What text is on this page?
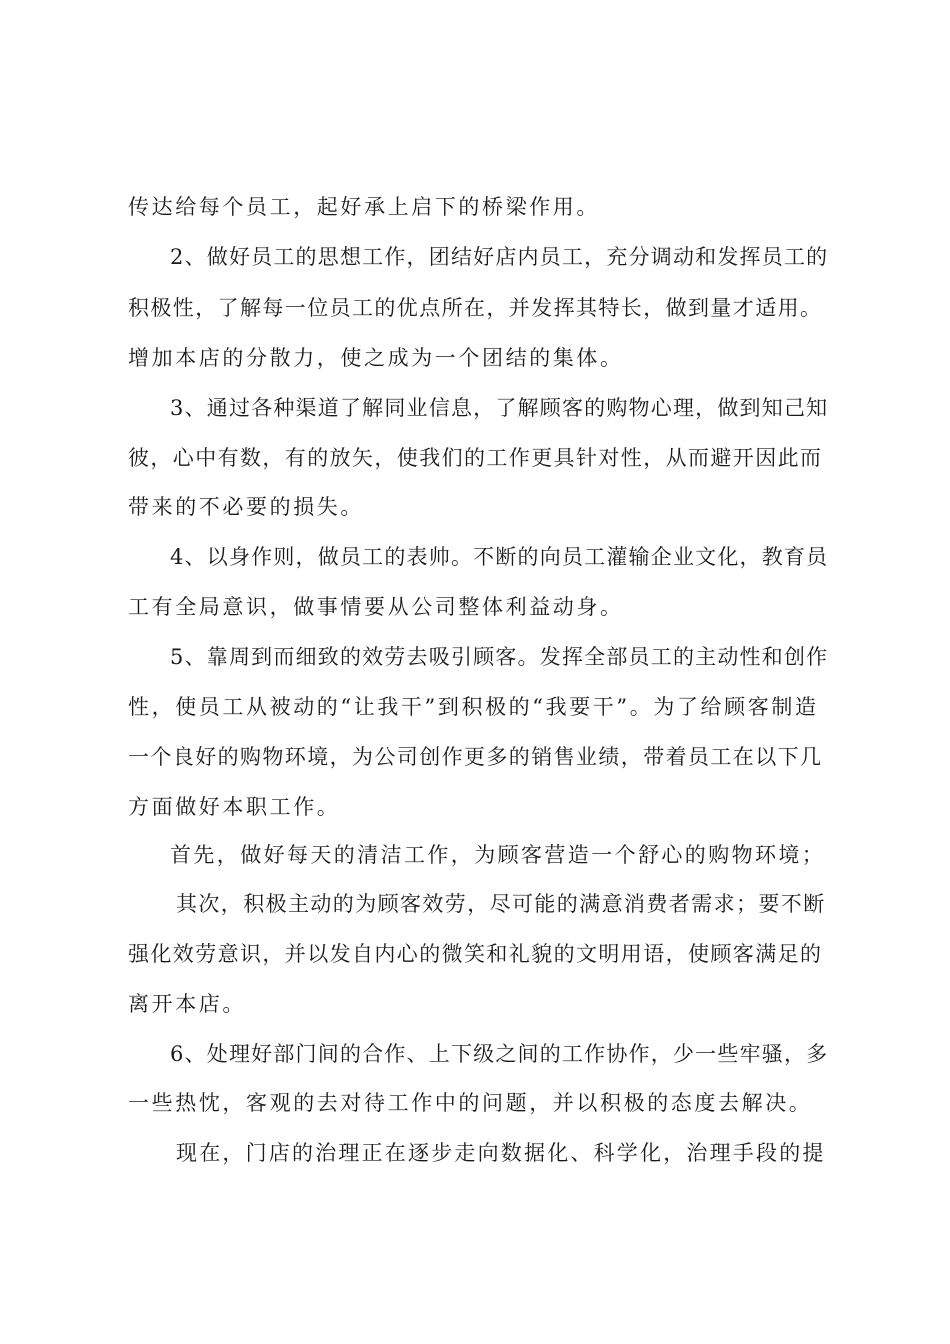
传达给每个员工，起好承上启下的桥梁作用。
2、做好员工的思想工作，团结好店内员工，充分调动和发挥员工的
积极性，了解每一位员工的优点所在，并发挥其特长，做到量才适用。
增加本店的分散力，使之成为一个团结的集体。
3、通过各种渠道了解同业信息，了解顾客的购物心理，做到知己知
彼，心中有数，有的放矢，使我们的工作更具针对性，从而避开因此而
带来的不必要的损失。
4、以身作则，做员工的表帅。不断的向员工灌输企业文化，教育员
工有全局意识，做事情要从公司整体利益动身。
5、靠周到而细致的效劳去吸引顾客。发挥全部员工的主动性和创作
性，使员工从被动的“让我干”到积极的“我要干”。为了给顾客制造
一个良好的购物环境，为公司创作更多的销售业绩，带着员工在以下几
方面做好本职工作。
首先，做好每天的清洁工作，为顾客营造一个舒心的购物环境；
其次，积极主动的为顾客效劳，尽可能的满意消费者需求；要不断
强化效劳意识，并以发自内心的微笑和礼貌的文明用语，使顾客满足的
离开本店。
6、处理好部门间的合作、上下级之间的工作协作，少一些牢骚，多
一些热忱，客观的去对待工作中的问题，并以积极的态度去解决。
现在，门店的治理正在逐步走向数据化、科学化，治理手段的提
